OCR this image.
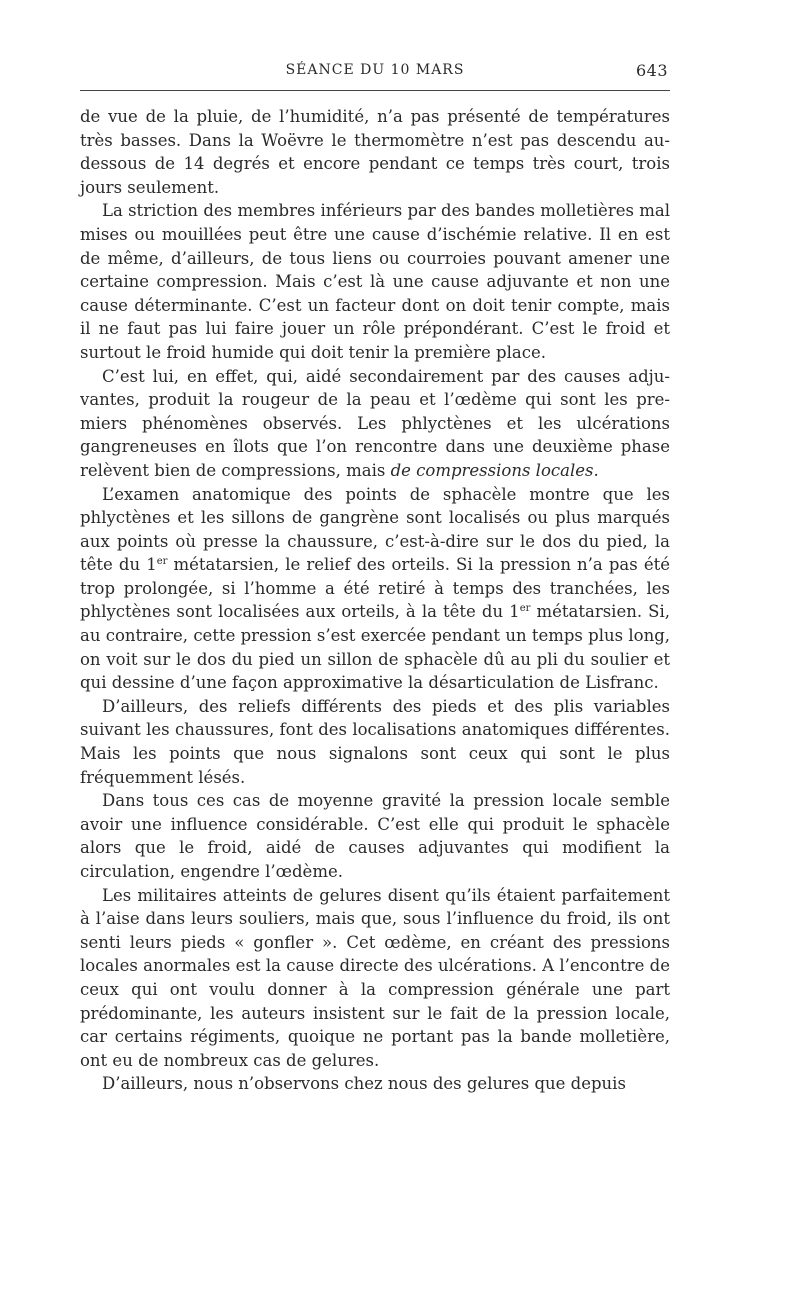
SÉANCE DU 10 MARS	643

de vue de la pluie, de l’humidité, n’a pas présenté de températures très basses. Dans la Woëvre le thermomètre n’est pas descendu au-dessous de 14 degrés et encore pendant ce temps très court, trois jours seulement.

La striction des membres inférieurs par des bandes molletières mal mises ou mouillées peut être une cause d’ischémie relative. Il en est de même, d’ailleurs, de tous liens ou courroies pouvant amener une certaine compression. Mais c’est là une cause adjuvante et non une cause déterminante. C’est un facteur dont on doit tenir compte, mais il ne faut pas lui faire jouer un rôle prépondérant. C’est le froid et surtout le froid humide qui doit tenir la première place.

C’est lui, en effet, qui, aidé secondairement par des causes adjuvantes, produit la rougeur de la peau et l’œdème qui sont les premiers phénomènes observés. Les phlyctènes et les ulcérations gangreneuses en îlots que l’on rencontre dans une deuxième phase relèvent bien de compressions, mais de compressions locales.

L’examen anatomique des points de sphacèle montre que les phlyctènes et les sillons de gangrène sont localisés ou plus marqués aux points où presse la chaussure, c’est-à-dire sur le dos du pied, la tête du 1er métatarsien, le relief des orteils. Si la pression n’a pas été trop prolongée, si l’homme a été retiré à temps des tranchées, les phlyctènes sont localisées aux orteils, à la tête du 1er métatarsien. Si, au contraire, cette pression s’est exercée pendant un temps plus long, on voit sur le dos du pied un sillon de sphacèle dû au pli du soulier et qui dessine d’une façon approximative la désarticulation de Lisfranc.

D’ailleurs, des reliefs différents des pieds et des plis variables suivant les chaussures, font des localisations anatomiques différentes. Mais les points que nous signalons sont ceux qui sont le plus fréquemment lésés.

Dans tous ces cas de moyenne gravité la pression locale semble avoir une influence considérable. C’est elle qui produit le sphacèle alors que le froid, aidé de causes adjuvantes qui modifient la circulation, engendre l’œdème.

Les militaires atteints de gelures disent qu’ils étaient parfaitement à l’aise dans leurs souliers, mais que, sous l’influence du froid, ils ont senti leurs pieds « gonfler ». Cet œdème, en créant des pressions locales anormales est la cause directe des ulcérations. A l’encontre de ceux qui ont voulu donner à la compression générale une part prédominante, les auteurs insistent sur le fait de la pression locale, car certains régiments, quoique ne portant pas la bande molletière, ont eu de nombreux cas de gelures.

D’ailleurs, nous n’observons chez nous des gelures que depuis
